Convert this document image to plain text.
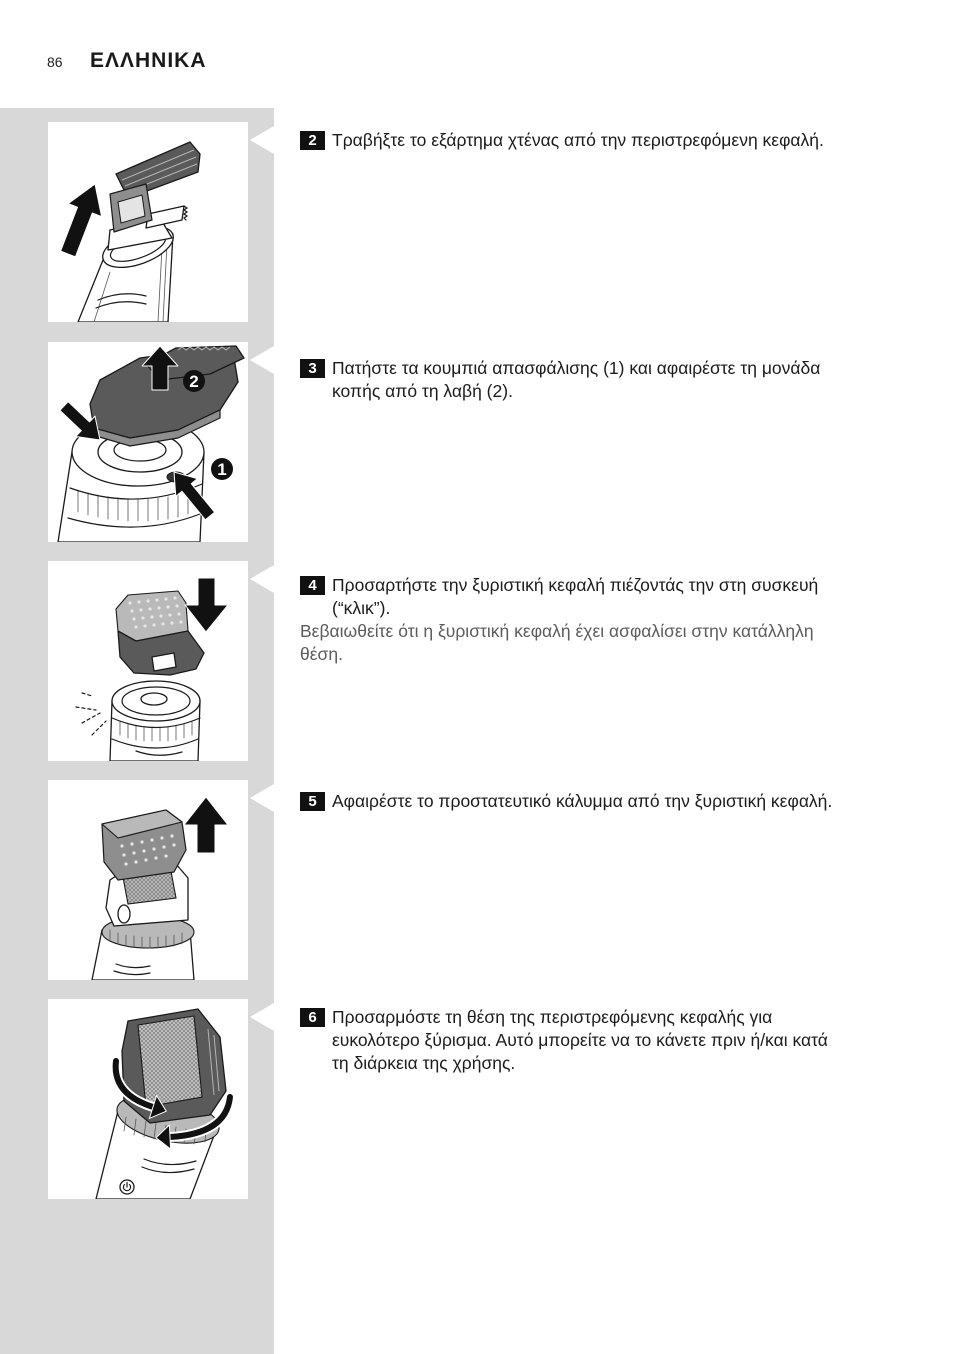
86 ΕΛΛΗΝΙΚΑ
2
1
2 Τραβήξτε το εξάρτημα χτένας από την περιστρεφόμενη κεφαλή.
3 Πατήστε τα κουμπιά απασφάλισης (1) και αφαιρέστε τη μονάδα
κοπής από τη λαβή (2).
4 Προσαρτήστε την ξυριστική κεφαλή πιέζοντάς την στη συσκευή
(“κλικ”).
Βεβαιωθείτε ότι η ξυριστική κεφαλή έχει ασφαλίσει στην κατάλληλη
θέση.
5 Αφαιρέστε το προστατευτικό κάλυμμα από την ξυριστική κεφαλή.
6 Προσαρμόστε τη θέση της περιστρεφόμενης κεφαλής για
ευκολότερο ξύρισμα. Αυτό μπορείτε να το κάνετε πριν ή/και κατά
τη διάρκεια της χρήσης.
